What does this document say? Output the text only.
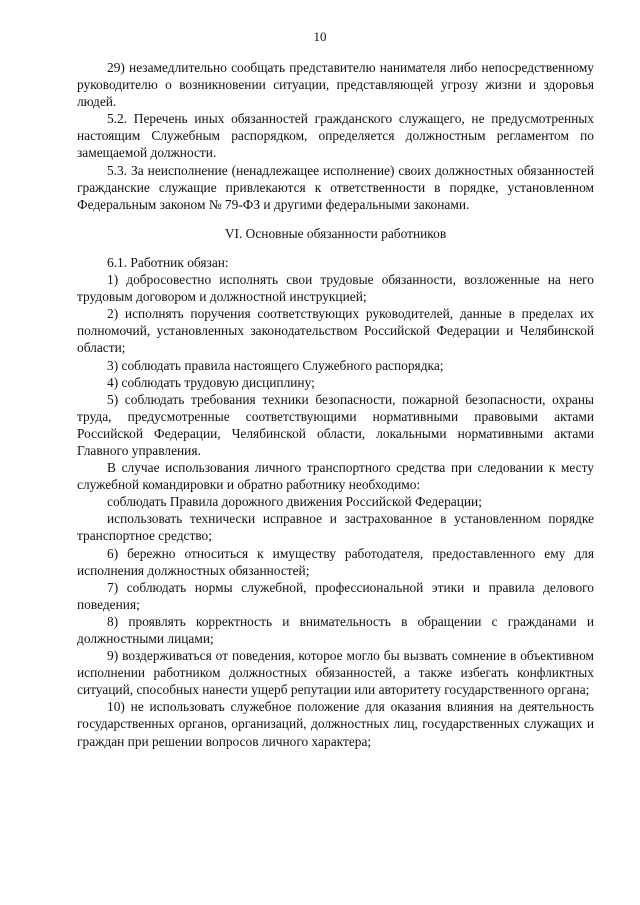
10

29) незамедлительно сообщать представителю нанимателя либо непосредственному руководителю о возникновении ситуации, представляющей угрозу жизни и здоровья людей.

5.2. Перечень иных обязанностей гражданского служащего, не предусмотренных настоящим Служебным распорядком, определяется должностным регламентом по замещаемой должности.

5.3. За неисполнение (ненадлежащее исполнение) своих должностных обязанностей гражданские служащие привлекаются к ответственности в порядке, установленном Федеральным законом № 79-ФЗ и другими федеральными законами.

VI. Основные обязанности работников

6.1. Работник обязан:

1) добросовестно исполнять свои трудовые обязанности, возложенные на него трудовым договором и должностной инструкцией;

2) исполнять поручения соответствующих руководителей, данные в пределах их полномочий, установленных законодательством Российской Федерации и Челябинской области;

3) соблюдать правила настоящего Служебного распорядка;

4) соблюдать трудовую дисциплину;

5) соблюдать требования техники безопасности, пожарной безопасности, охраны труда, предусмотренные соответствующими нормативными правовыми актами Российской Федерации, Челябинской области, локальными нормативными актами Главного управления.

В случае использования личного транспортного средства при следовании к месту служебной командировки и обратно работнику необходимо:

соблюдать Правила дорожного движения Российской Федерации;

использовать технически исправное и застрахованное в установленном порядке транспортное средство;

6) бережно относиться к имуществу работодателя, предоставленного ему для исполнения должностных обязанностей;

7) соблюдать нормы служебной, профессиональной этики и правила делового поведения;

8) проявлять корректность и внимательность в обращении с гражданами и должностными лицами;

9) воздерживаться от поведения, которое могло бы вызвать сомнение в объективном исполнении работником должностных обязанностей, а также избегать конфликтных ситуаций, способных нанести ущерб репутации или авторитету государственного органа;

10) не использовать служебное положение для оказания влияния на деятельность государственных органов, организаций, должностных лиц, государственных служащих и граждан при решении вопросов личного характера;
